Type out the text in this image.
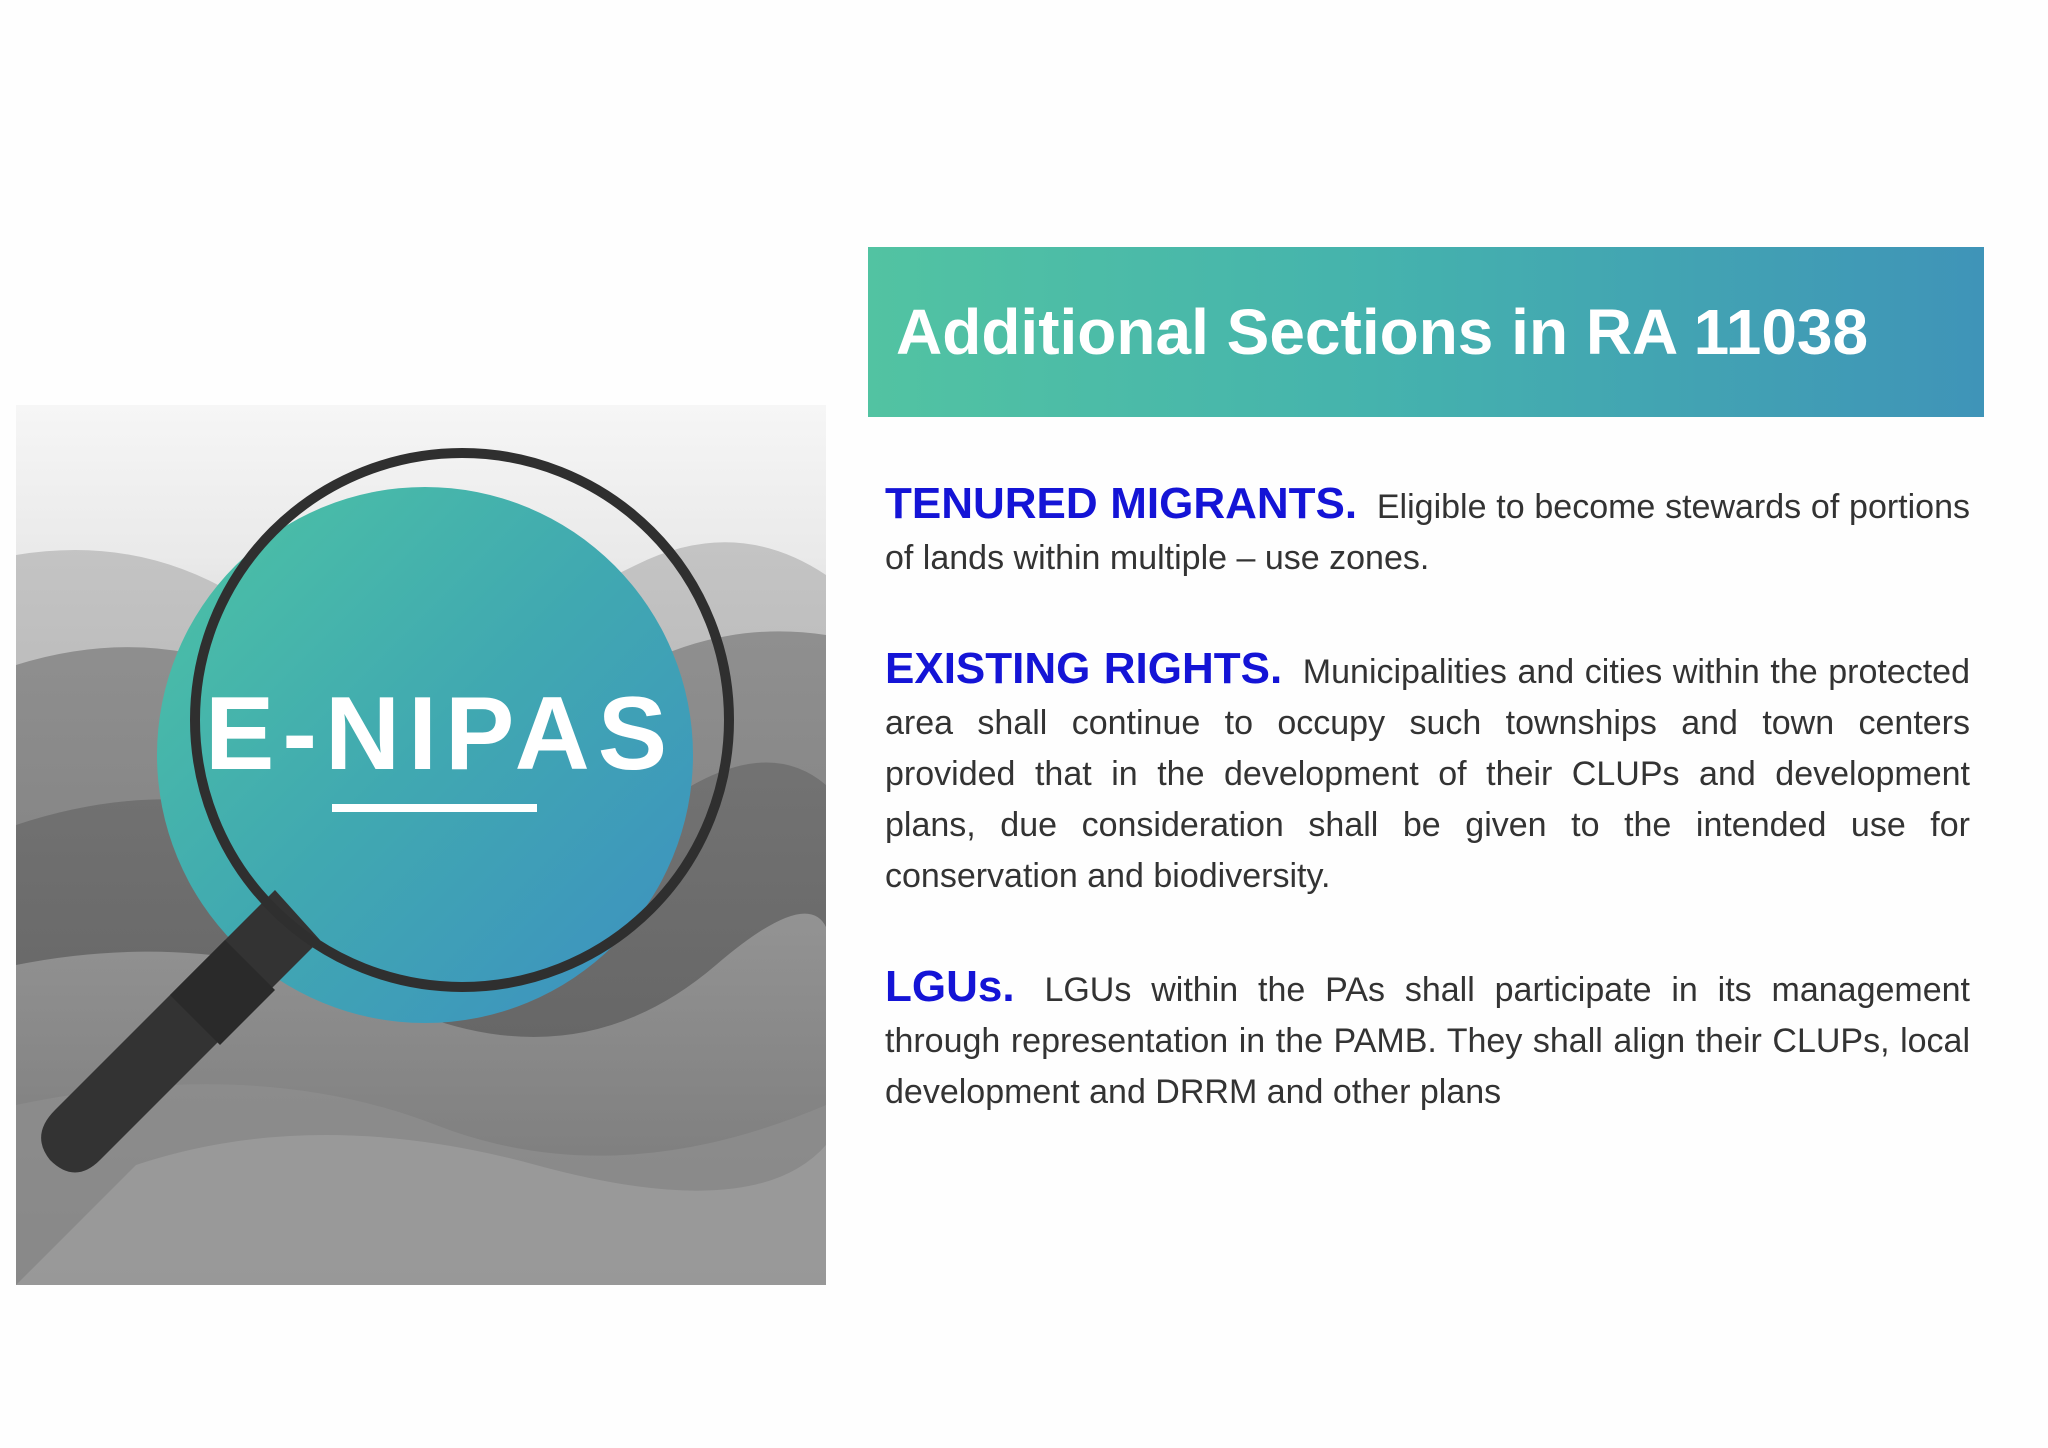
E-NIPAS
Additional Sections in RA 11038

TENURED MIGRANTS. Eligible to become stewards of portions of lands within multiple – use zones.

EXISTING RIGHTS. Municipalities and cities within the protected area shall continue to occupy such townships and town centers provided that in the development of their CLUPs and development plans, due consideration shall be given to the intended use for conservation and biodiversity.

LGUs. LGUs within the PAs shall participate in its management through representation in the PAMB. They shall align their CLUPs, local development and DRRM and other plans
